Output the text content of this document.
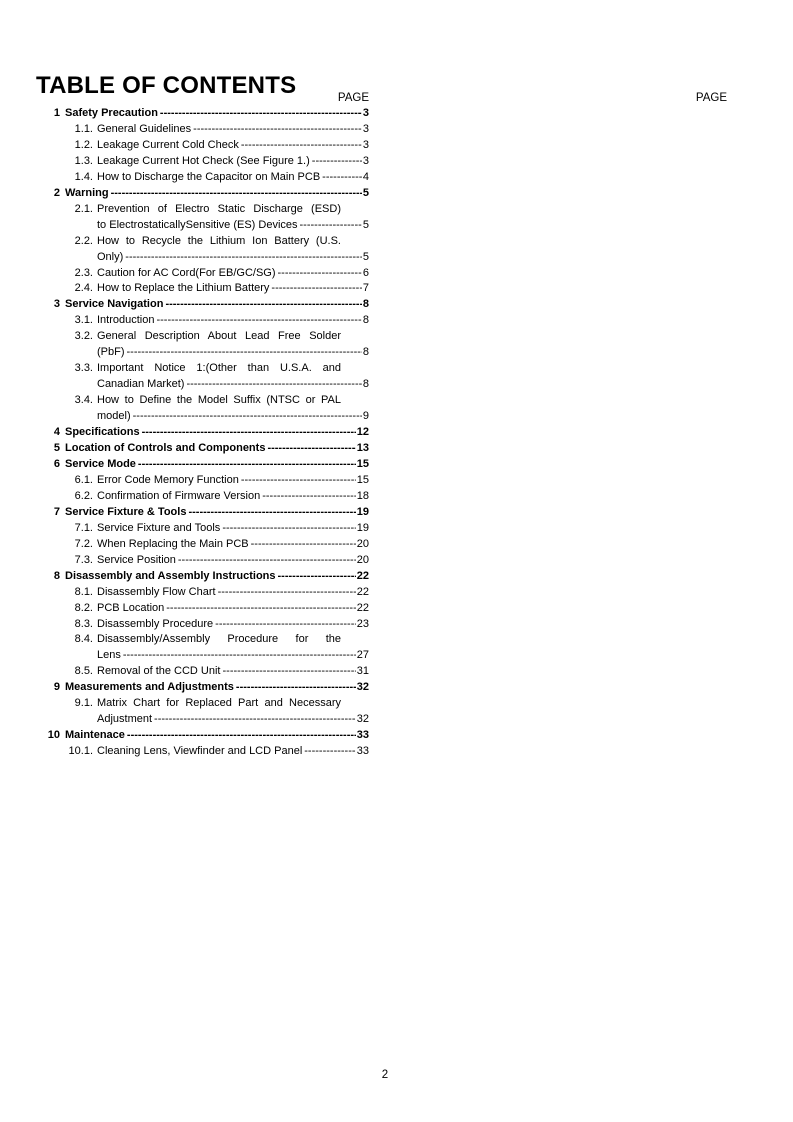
TABLE OF CONTENTS	PAGE	PAGE
1 Safety Precaution -----	3
1.1. General Guidelines -----	3
1.2. Leakage Current Cold Check -----	3
1.3. Leakage Current Hot Check (See Figure 1.) -----	3
1.4. How to Discharge the Capacitor on Main PCB -----	4
2 Warning -----	5
2.1. Prevention of Electro Static Discharge (ESD)
to ElectrostaticallySensitive (ES) Devices -----	5
2.2. How to Recycle the Lithium Ion Battery (U.S.
Only) -----	5
2.3. Caution for AC Cord(For EB/GC/SG) -----	6
2.4. How to Replace the Lithium Battery -----	7
3 Service Navigation -----	8
3.1. Introduction -----	8
3.2. General Description About Lead Free Solder
(PbF) -----	8
3.3. Important Notice 1:(Other than U.S.A. and
Canadian Market) -----	8
3.4. How to Define the Model Suffix (NTSC or PAL
model) -----	9
4 Specifications -----	12
5 Location of Controls and Components -----	13
6 Service Mode -----	15
6.1. Error Code Memory Function -----	15
6.2. Confirmation of Firmware Version -----	18
7 Service Fixture & Tools -----	19
7.1. Service Fixture and Tools -----	19
7.2. When Replacing the Main PCB -----	20
7.3. Service Position -----	20
8 Disassembly and Assembly Instructions -----	22
8.1. Disassembly Flow Chart -----	22
8.2. PCB Location -----	22
8.3. Disassembly Procedure -----	23
8.4. Disassembly/Assembly Procedure for the
Lens -----	27
8.5. Removal of the CCD Unit -----	31
9 Measurements and Adjustments -----	32
9.1. Matrix Chart for Replaced Part and Necessary
Adjustment -----	32
10 Maintenace -----	33
10.1. Cleaning Lens, Viewfinder and LCD Panel -----	33
2
